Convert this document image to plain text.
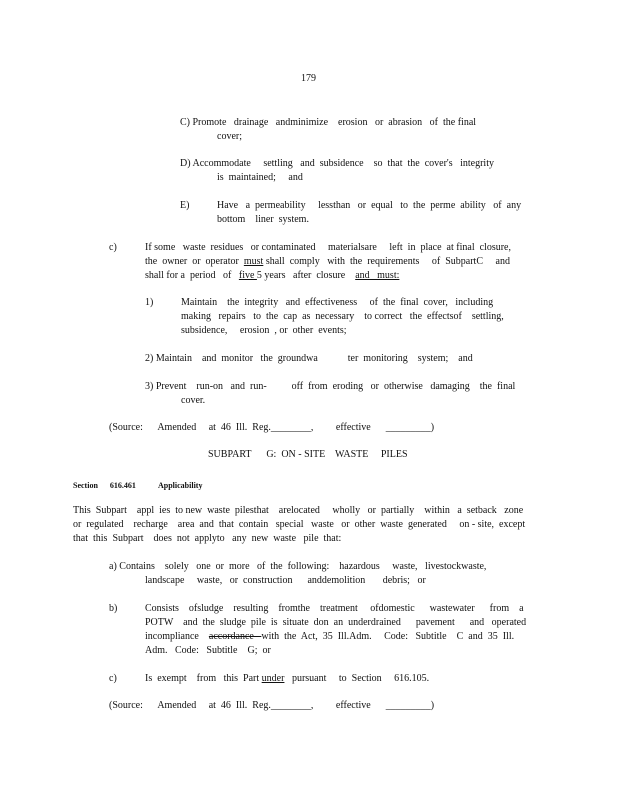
179

C) Promote   drainage   andminimize    erosion   or  abrasion   of  the final

cover;

D) Accommodate     settling   and  subsidence    so  that  the  cover's   integrity

is  maintained;     and

E)	Have   a  permeability     lessthan   or  equal   to  the  perme  ability   of  any

bottom    liner  system.

c)	If some   waste  residues   or contaminated     materialsare     left  in  place  at final  closure,

the  owner  or  operator  must shall  comply   with  the  requirements     of  SubpartC     and

shall for a  period   of   five 5 years   after  closure    and   must:

1)	Maintain    the  integrity   and  effectiveness     of  the  final  cover,   including

making   repairs   to  the  cap  as  necessary    to correct   the  effectsof    settling,

subsidence,     erosion  , or  other  events;

2) Maintain    and  monitor   the  groundwa            ter  monitoring    system;    and

3) Prevent    run-on   and  run-          off  from  eroding   or  otherwise   damaging    the  final

cover.

(Source:      Amended     at  46  Ill.  Reg.________,         effective      _________)
SUBPART      G:  ON - SITE    WASTE     PILES
Section      616.461	Applicability

This  Subpart    appl  ies  to new  waste  pilesthat    arelocated     wholly   or  partially    within   a  setback   zone

or  regulated    recharge    area  and  that  contain   special   waste   or  other  waste  generated     on - site,  except

that  this  Subpart    does  not  applyto   any  new  waste   pile  that:

a) Contains    solely   one  or  more   of  the  following:    hazardous     waste,   livestockwaste,

landscape     waste,   or  construction      anddemolition       debris;   or

b)	Consists    ofsludge    resulting    fromthe    treatment     ofdomestic      wastewater      from    a

POTW    and  the  sludge  pile  is  situate  don  an  underdrained      pavement      and   operated

incompliance    accordance   with  the  Act,  35  Ill.Adm.     Code:   Subtitle    C  and  35  Ill.

Adm.   Code:   Subtitle    G;  or

c)	Is  exempt    from   this  Part under   pursuant     to  Section     616.105.
(Source:      Amended     at  46  Ill.  Reg.________,         effective      _________)
